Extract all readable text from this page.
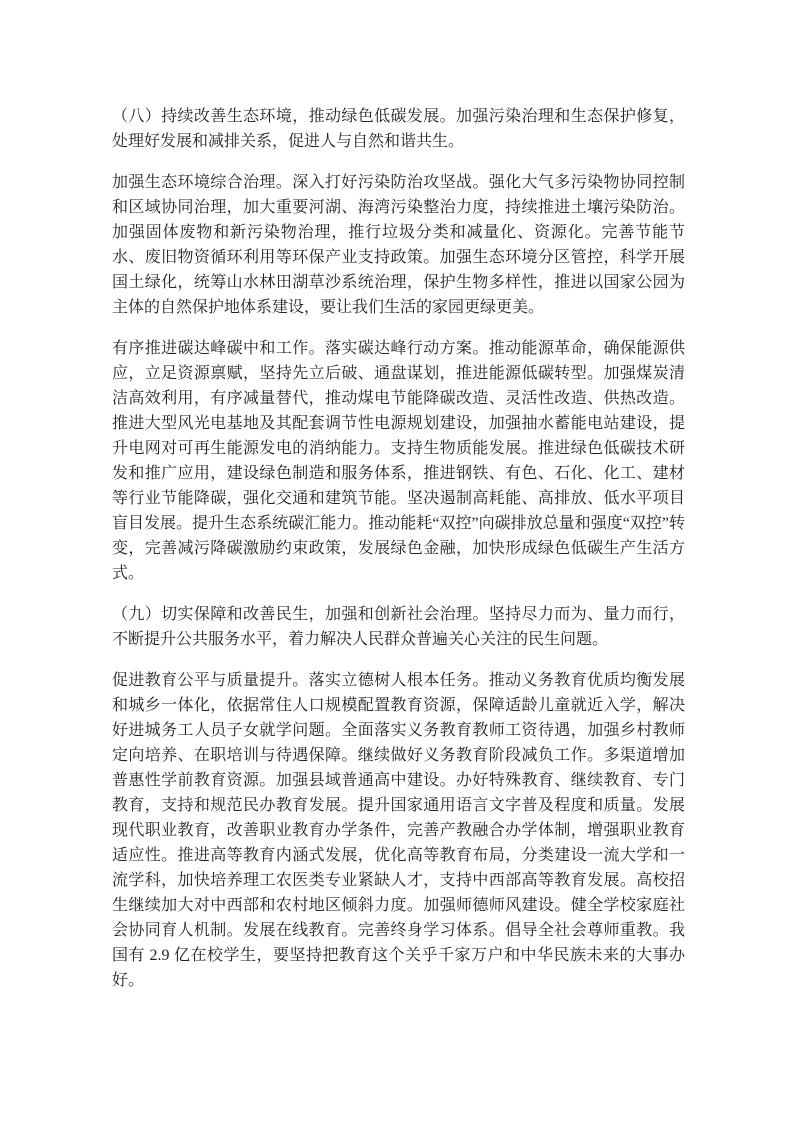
（八）持续改善生态环境，推动绿色低碳发展。加强污染治理和生态保护修复，处理好发展和减排关系，促进人与自然和谐共生。

加强生态环境综合治理。深入打好污染防治攻坚战。强化大气多污染物协同控制和区域协同治理，加大重要河湖、海湾污染整治力度，持续推进土壤污染防治。加强固体废物和新污染物治理，推行垃圾分类和减量化、资源化。完善节能节水、废旧物资循环利用等环保产业支持政策。加强生态环境分区管控，科学开展国土绿化，统筹山水林田湖草沙系统治理，保护生物多样性，推进以国家公园为主体的自然保护地体系建设，要让我们生活的家园更绿更美。

有序推进碳达峰碳中和工作。落实碳达峰行动方案。推动能源革命，确保能源供应，立足资源禀赋，坚持先立后破、通盘谋划，推进能源低碳转型。加强煤炭清洁高效利用，有序减量替代，推动煤电节能降碳改造、灵活性改造、供热改造。推进大型风光电基地及其配套调节性电源规划建设，加强抽水蓄能电站建设，提升电网对可再生能源发电的消纳能力。支持生物质能发展。推进绿色低碳技术研发和推广应用，建设绿色制造和服务体系，推进钢铁、有色、石化、化工、建材等行业节能降碳，强化交通和建筑节能。坚决遏制高耗能、高排放、低水平项目盲目发展。提升生态系统碳汇能力。推动能耗“双控”向碳排放总量和强度“双控”转变，完善减污降碳激励约束政策，发展绿色金融，加快形成绿色低碳生产生活方式。

（九）切实保障和改善民生，加强和创新社会治理。坚持尽力而为、量力而行，不断提升公共服务水平，着力解决人民群众普遍关心关注的民生问题。

促进教育公平与质量提升。落实立德树人根本任务。推动义务教育优质均衡发展和城乡一体化，依据常住人口规模配置教育资源，保障适龄儿童就近入学，解决好进城务工人员子女就学问题。全面落实义务教育教师工资待遇，加强乡村教师定向培养、在职培训与待遇保障。继续做好义务教育阶段减负工作。多渠道增加普惠性学前教育资源。加强县域普通高中建设。办好特殊教育、继续教育、专门教育，支持和规范民办教育发展。提升国家通用语言文字普及程度和质量。发展现代职业教育，改善职业教育办学条件，完善产教融合办学体制，增强职业教育适应性。推进高等教育内涵式发展，优化高等教育布局，分类建设一流大学和一流学科，加快培养理工农医类专业紧缺人才，支持中西部高等教育发展。高校招生继续加大对中西部和农村地区倾斜力度。加强师德师风建设。健全学校家庭社会协同育人机制。发展在线教育。完善终身学习体系。倡导全社会尊师重教。我国有 2.9 亿在校学生，要坚持把教育这个关乎千家万户和中华民族未来的大事办好。
